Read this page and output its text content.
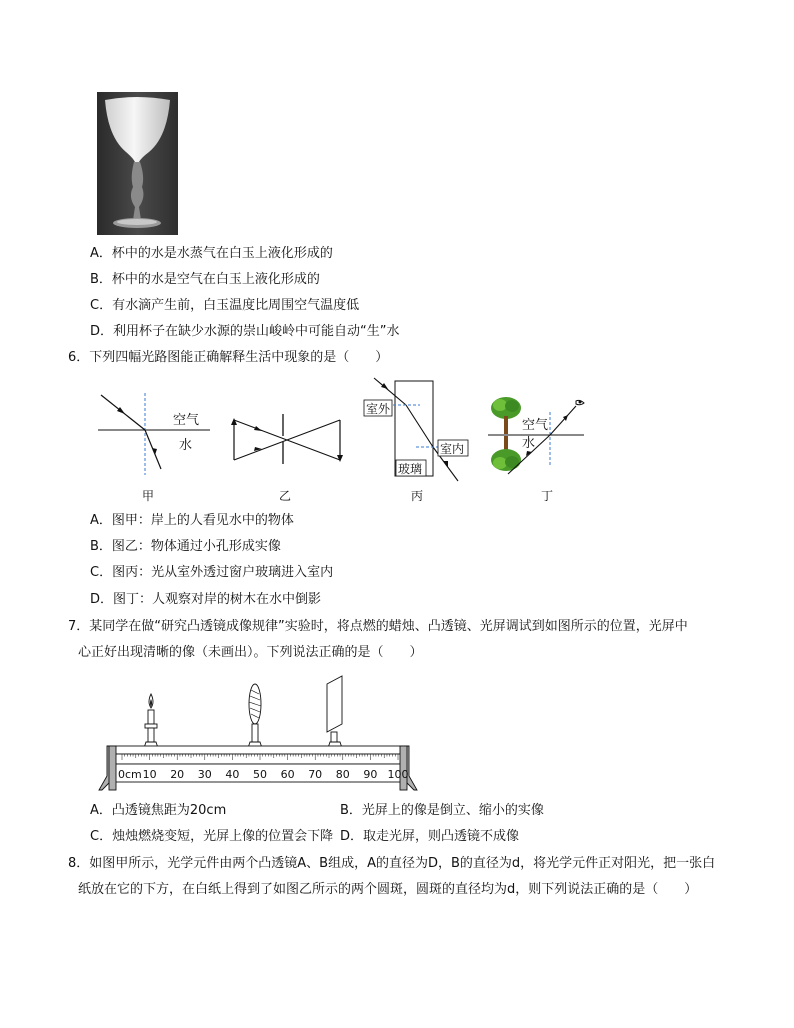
A．杯中的水是水蒸气在白玉上液化形成的
B．杯中的水是空气在白玉上液化形成的
C．有水滴产生前，白玉温度比周围空气温度低
D．利用杯子在缺少水源的崇山峻岭中可能自动“生”水
6．下列四幅光路图能正确解释生活中现象的是（　　）
空气
水
甲	乙
室外
室内
玻璃
丙
空气
水
丁
A．图甲：岸上的人看见水中的物体
B．图乙：物体通过小孔形成实像
C．图丙：光从室外透过窗户玻璃进入室内
D．图丁：人观察对岸的树木在水中倒影
7．某同学在做“研究凸透镜成像规律”实验时，将点燃的蜡烛、凸透镜、光屏调试到如图所示的位置，光屏中
心正好出现清晰的像（未画出）。下列说法正确的是（　　）
10 20 30 40 50 60 70 80 90 100
0cm
A．凸透镜焦距为20cm	B．光屏上的像是倒立、缩小的实像
C．烛烛燃烧变短，光屏上像的位置会下降 D．取走光屏，则凸透镜不成像
8．如图甲所示，光学元件由两个凸透镜A、B组成，A的直径为D，B的直径为d，将光学元件正对阳光，把一张白
纸放在它的下方，在白纸上得到了如图乙所示的两个圆斑，圆斑的直径均为d，则下列说法正确的是（　　）
